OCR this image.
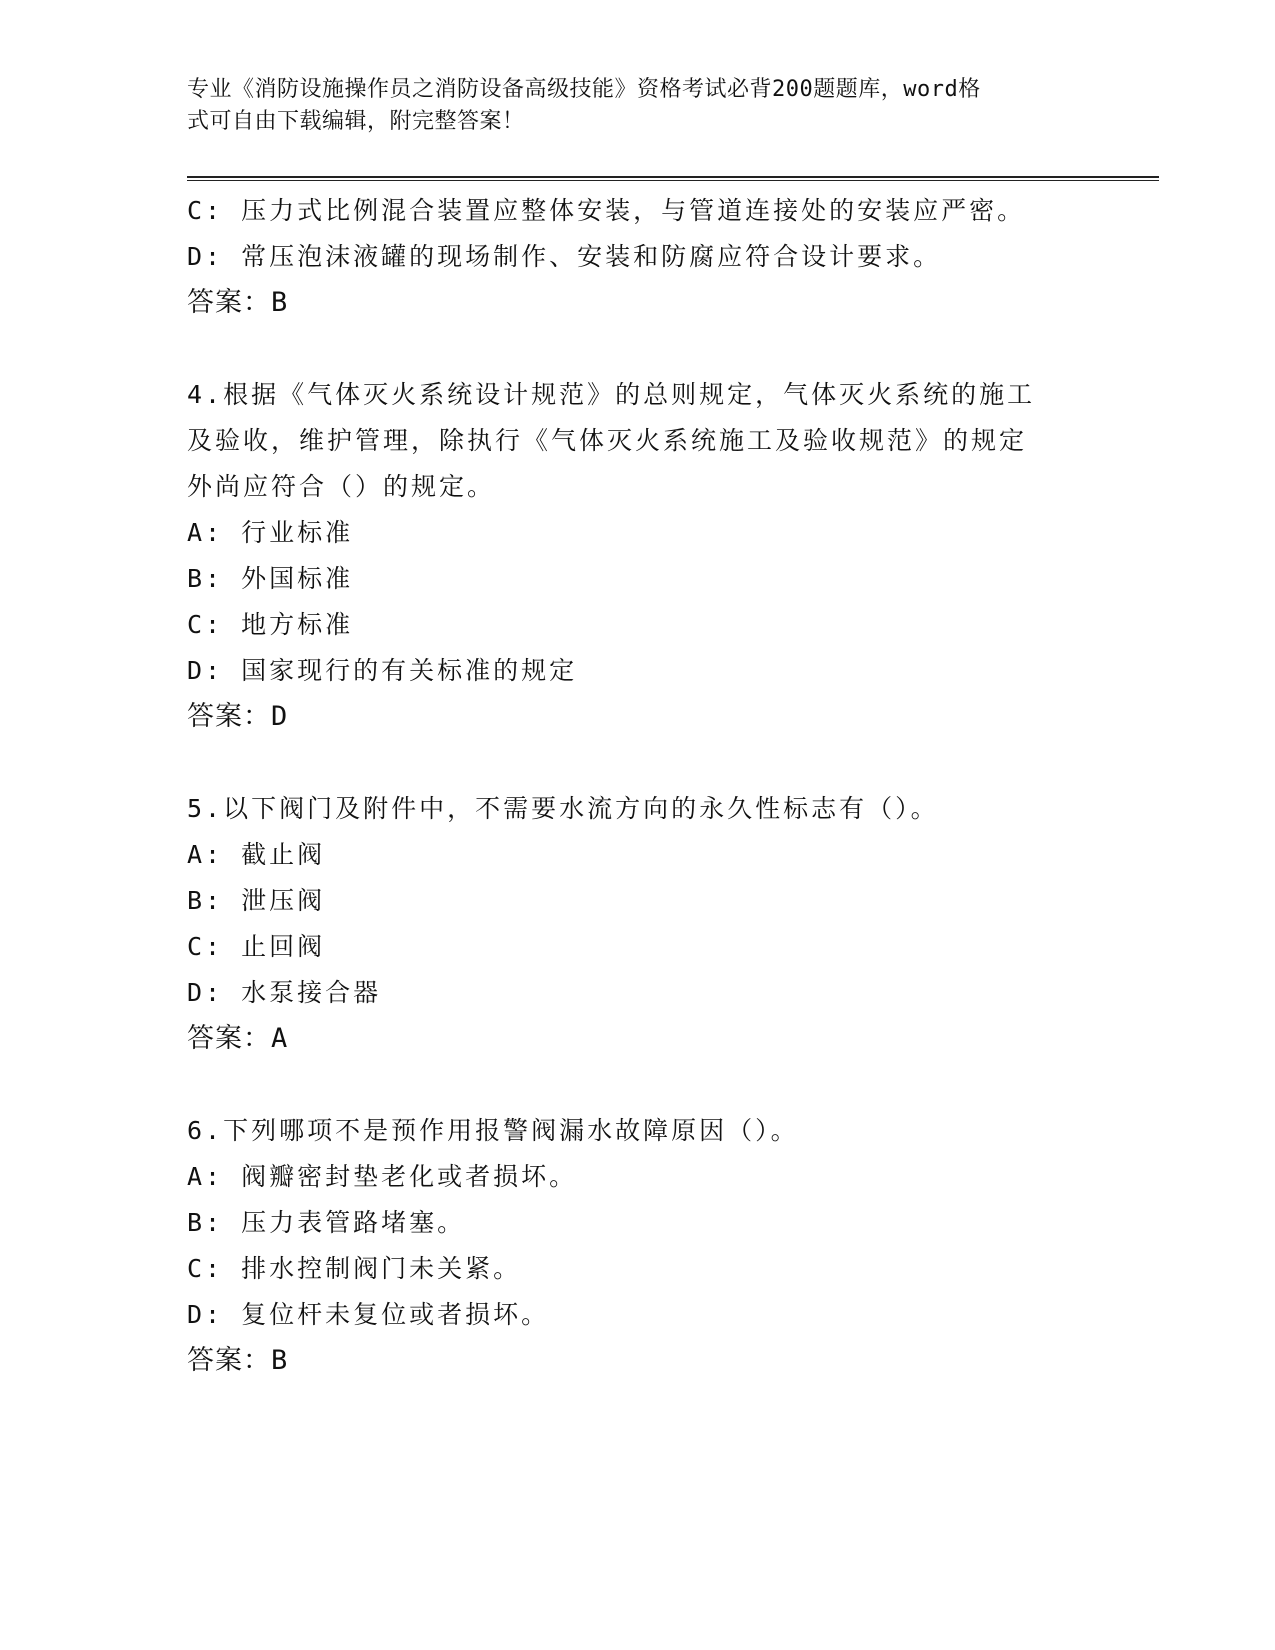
专业《消防设施操作员之消防设备高级技能》资格考试必背200题题库，word格
式可自由下载编辑，附完整答案！
C: 压力式比例混合装置应整体安装，与管道连接处的安装应严密。
D: 常压泡沫液罐的现场制作、安装和防腐应符合设计要求。
答案：B
4.根据《气体灭火系统设计规范》的总则规定，气体灭火系统的施工
及验收，维护管理，除执行《气体灭火系统施工及验收规范》的规定
外尚应符合（）的规定。
A: 行业标准
B: 外国标准
C: 地方标准
D: 国家现行的有关标准的规定
答案：D
5.以下阀门及附件中，不需要水流方向的永久性标志有（）。
A: 截止阀
B: 泄压阀
C: 止回阀
D: 水泵接合器
答案：A
6.下列哪项不是预作用报警阀漏水故障原因（）。
A: 阀瓣密封垫老化或者损坏。
B: 压力表管路堵塞。
C: 排水控制阀门未关紧。
D: 复位杆未复位或者损坏。
答案：B
